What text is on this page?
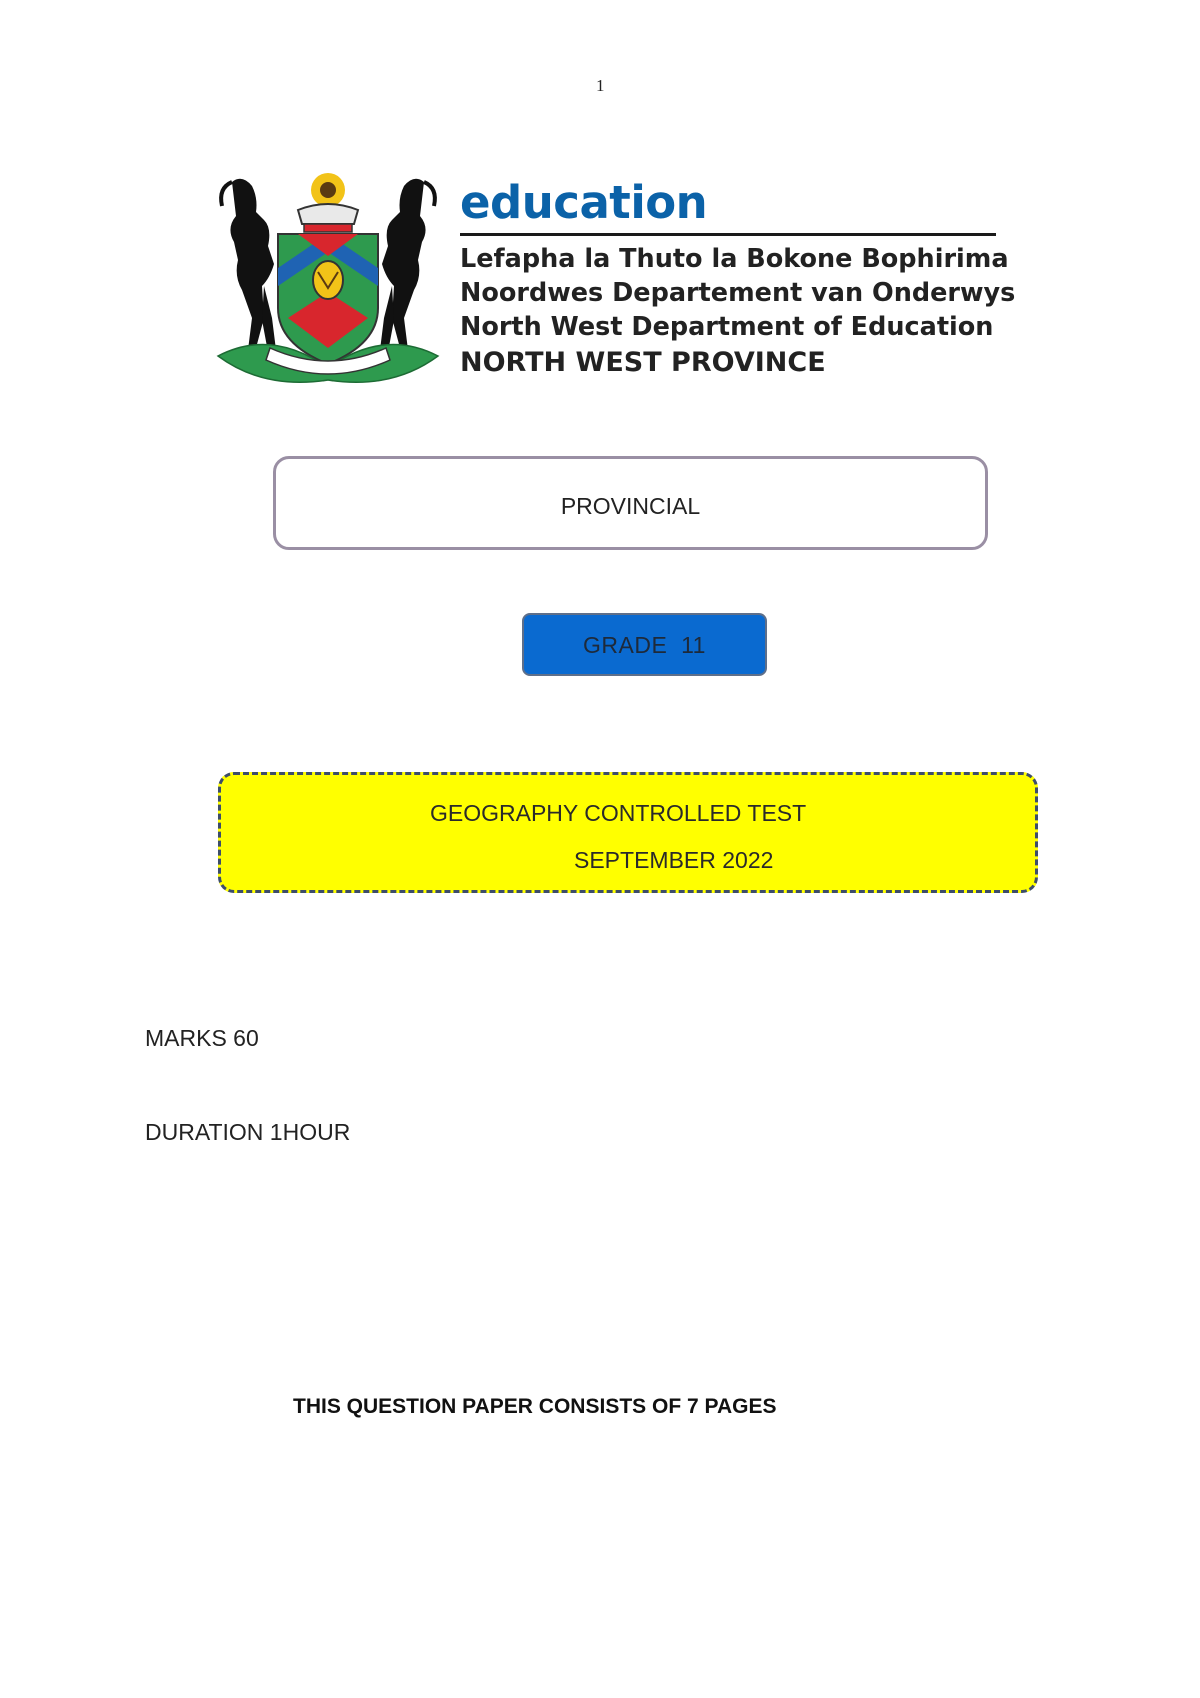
1
education
Lefapha la Thuto la Bokone Bophirima
Noordwes Departement van Onderwys
North West Department of Education
NORTH WEST PROVINCE
PROVINCIAL
GRADE  11
GEOGRAPHY CONTROLLED TEST
SEPTEMBER 2022
MARKS 60
DURATION 1HOUR
THIS QUESTION PAPER CONSISTS OF 7 PAGES
